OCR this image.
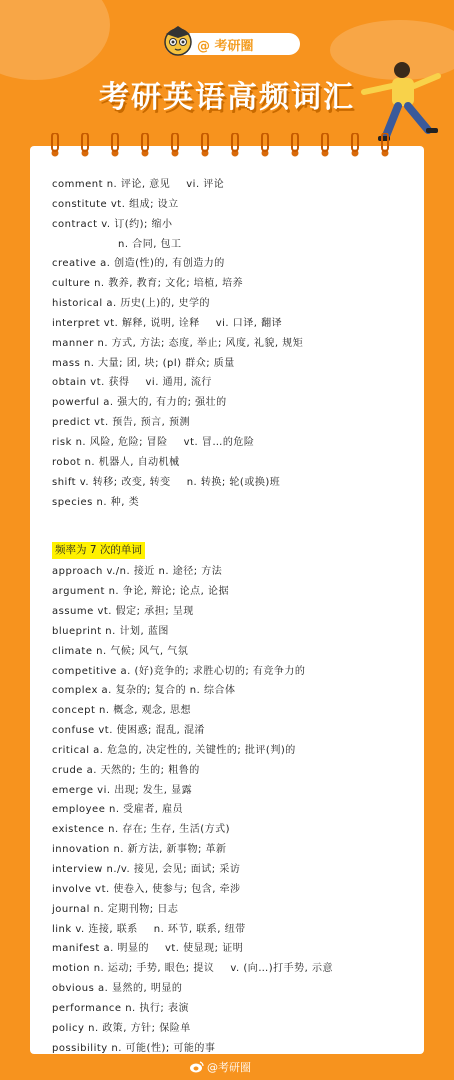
@ 考研圈
考研英语高频词汇
comment n. 评论, 意见 vi. 评论
constitute vt. 组成; 设立
contract v. 订(约); 缩小
n. 合同, 包工
creative a. 创造(性)的, 有创造力的
culture n. 教养, 教育; 文化; 培植, 培养
historical a. 历史(上)的, 史学的
interpret vt. 解释, 说明, 诠释 vi. 口译, 翻译
manner n. 方式, 方法; 态度, 举止; 风度, 礼貌, 规矩
mass n. 大量; 团, 块; (pl) 群众; 质量
obtain vt. 获得 vi. 通用, 流行
powerful a. 强大的, 有力的; 强壮的
predict vt. 预告, 预言, 预测
risk n. 风险, 危险; 冒险 vt. 冒…的危险
robot n. 机器人, 自动机械
shift v. 转移; 改变, 转变 n. 转换; 轮(或换)班
species n. 种, 类
频率为 7 次的单词
approach v./n. 接近 n. 途径; 方法
argument n. 争论, 辩论; 论点, 论据
assume vt. 假定; 承担; 呈现
blueprint n. 计划, 蓝图
climate n. 气候; 风气, 气氛
competitive a. (好)竞争的; 求胜心切的; 有竞争力的
complex a. 复杂的; 复合的 n. 综合体
concept n. 概念, 观念, 思想
confuse vt. 使困惑; 混乱, 混淆
critical a. 危急的, 决定性的, 关键性的; 批评(判)的
crude a. 天然的; 生的; 粗鲁的
emerge vi. 出现; 发生, 显露
employee n. 受雇者, 雇员
existence n. 存在; 生存, 生活(方式)
innovation n. 新方法, 新事物; 革新
interview n./v. 接见, 会见; 面试; 采访
involve vt. 使卷入, 使参与; 包含, 牵涉
journal n. 定期刊物; 日志
link v. 连接, 联系 n. 环节, 联系, 纽带
manifest a. 明显的 vt. 使显现; 证明
motion n. 运动; 手势, 眼色; 提议 v. (向…)打手势, 示意
obvious a. 显然的, 明显的
performance n. 执行; 表演
policy n. 政策, 方针; 保险单
possibility n. 可能(性); 可能的事
@考研圈
